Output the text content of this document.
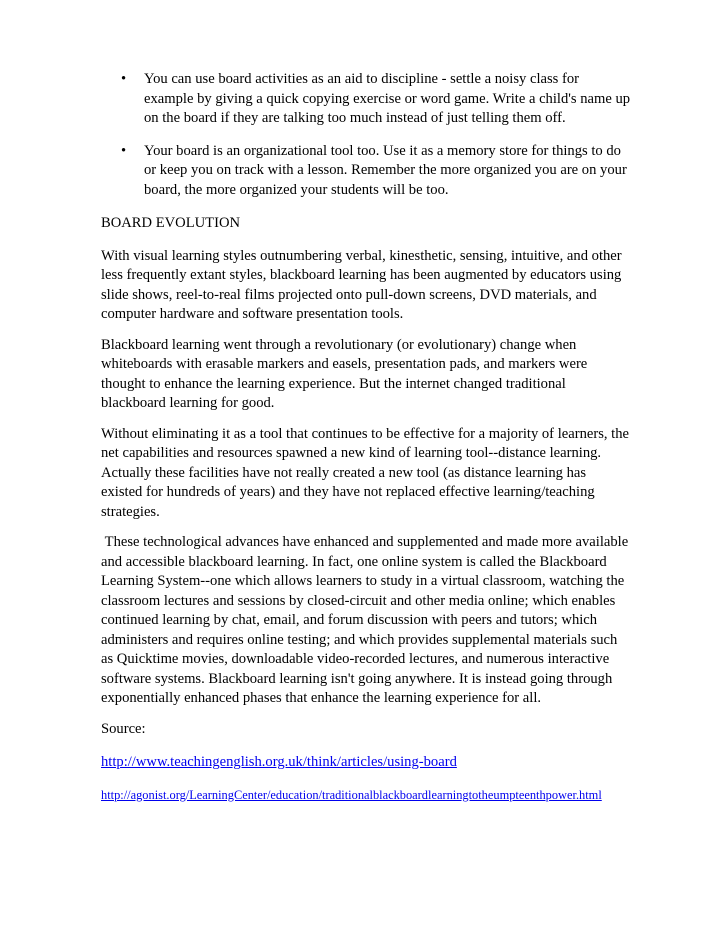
• You can use board activities as an aid to discipline - settle a noisy class for example by giving a quick copying exercise or word game. Write a child's name up on the board if they are talking too much instead of just telling them off.
• Your board is an organizational tool too. Use it as a memory store for things to do or keep you on track with a lesson. Remember the more organized you are on your board, the more organized your students will be too.
BOARD EVOLUTION

With visual learning styles outnumbering verbal, kinesthetic, sensing, intuitive, and other less frequently extant styles, blackboard learning has been augmented by educators using slide shows, reel-to-real films projected onto pull-down screens, DVD materials, and computer hardware and software presentation tools.

Blackboard learning went through a revolutionary (or evolutionary) change when whiteboards with erasable markers and easels, presentation pads, and markers were thought to enhance the learning experience. But the internet changed traditional blackboard learning for good.

Without eliminating it as a tool that continues to be effective for a majority of learners, the net capabilities and resources spawned a new kind of learning tool--distance learning. Actually these facilities have not really created a new tool (as distance learning has existed for hundreds of years) and they have not replaced effective learning/teaching strategies.

These technological advances have enhanced and supplemented and made more available and accessible blackboard learning. In fact, one online system is called the Blackboard Learning System--one which allows learners to study in a virtual classroom, watching the classroom lectures and sessions by closed-circuit and other media online; which enables continued learning by chat, email, and forum discussion with peers and tutors; which administers and requires online testing; and which provides supplemental materials such as Quicktime movies, downloadable video-recorded lectures, and numerous interactive software systems. Blackboard learning isn't going anywhere. It is instead going through exponentially enhanced phases that enhance the learning experience for all.

Source:
http://www.teachingenglish.org.uk/think/articles/using-board
http://agonist.org/LearningCenter/education/traditionalblackboardlearningtotheumpteenthpower.html
